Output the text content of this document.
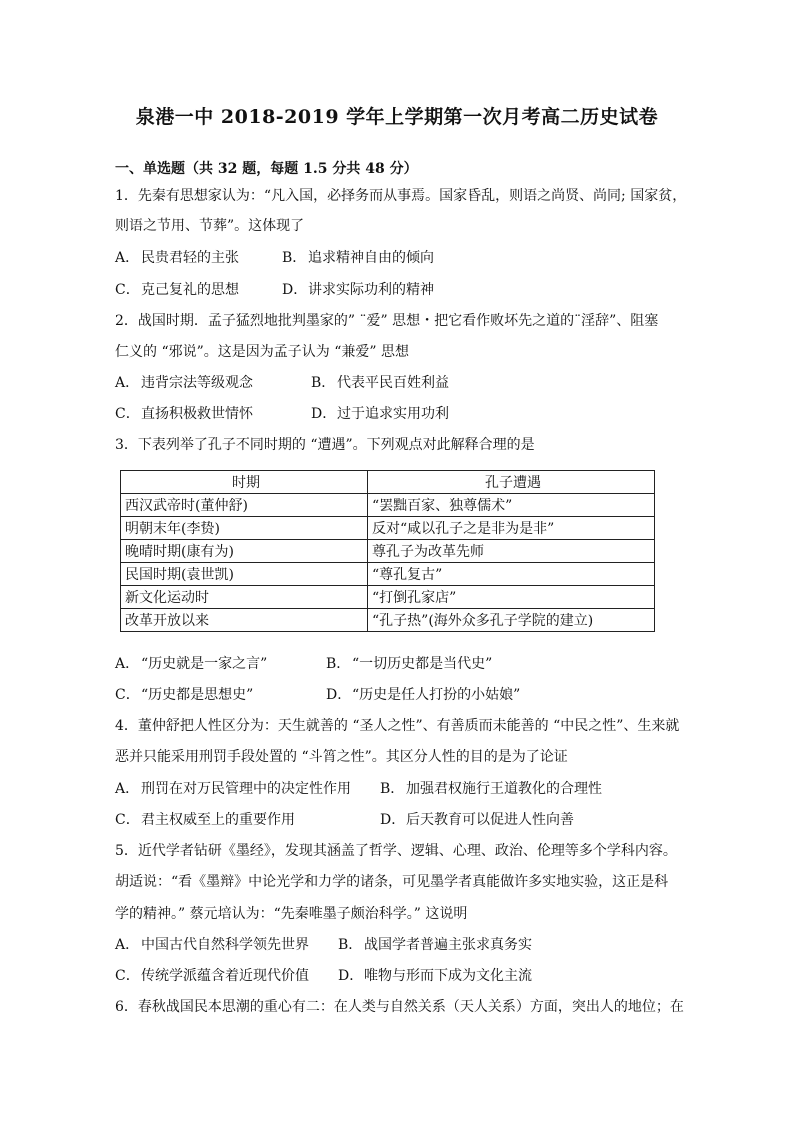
泉港一中 2018-2019 学年上学期第一次月考高二历史试卷
一、单选题（共 32 题，每题 1.5 分共 48 分）
1．先秦有思想家认为：“凡入国，必择务而从事焉。国家昏乱，则语之尚贤、尚同; 国家贫，
则语之节用、节葬”。这体现了
A． 民贵君轻的主张	B． 追求精神自由的倾向
C．克己复礼的思想	D．讲求实际功利的精神
2．战国时期．孟子猛烈地批判墨家的” ¨爱” 思想・把它看作败坏先之道的¨淫辞”、阻塞
仁义的 “邪说”。这是因为孟子认为 “兼爱” 思想
A． 违背宗法等级观念	B． 代表平民百姓利益
C．直扬积极救世情怀	D．过于追求实用功利
3．下表列举了孔子不同时期的 “遭遇”。下列观点对此解释合理的是
时期	孔子遭遇
西汉武帝时(董仲舒)	“罢黜百家、独尊儒术”
明朝末年(李贽)	反对“咸以孔子之是非为是非”
晚晴时期(康有为)	尊孔子为改革先师
民国时期(袁世凯)	“尊孔复古”
新文化运动时	“打倒孔家店”
改革开放以来	“孔子热”(海外众多孔子学院的建立)
A． “历史就是一家之言”	B． “一切历史都是当代史”
C．“历史都是思想史”	D．“历史是任人打扮的小姑娘”
4．董仲舒把人性区分为：天生就善的 “圣人之性”、有善质而未能善的 “中民之性”、生来就
恶并只能采用刑罚手段处置的 “斗筲之性”。其区分人性的目的是为了论证
A． 刑罚在对万民管理中的决定性作用 B． 加强君权施行王道教化的合理性
C．君主权威至上的重要作用	D．后天教育可以促进人性向善
5．近代学者钻研《墨经》，发现其涵盖了哲学、逻辑、心理、政治、伦理等多个学科内容。
胡适说：“看《墨辩》中论光学和力学的诸条，可见墨学者真能做许多实地实验，这正是科
学的精神。” 蔡元培认为：“先秦唯墨子颇治科学。” 这说明
A． 中国古代自然科学领先世界 B． 战国学者普遍主张求真务实
C．传统学派蕴含着近现代价值 D．唯物与形而下成为文化主流
6．春秋战国民本思潮的重心有二：在人类与自然关系（天人关系）方面，突出人的地位；在
